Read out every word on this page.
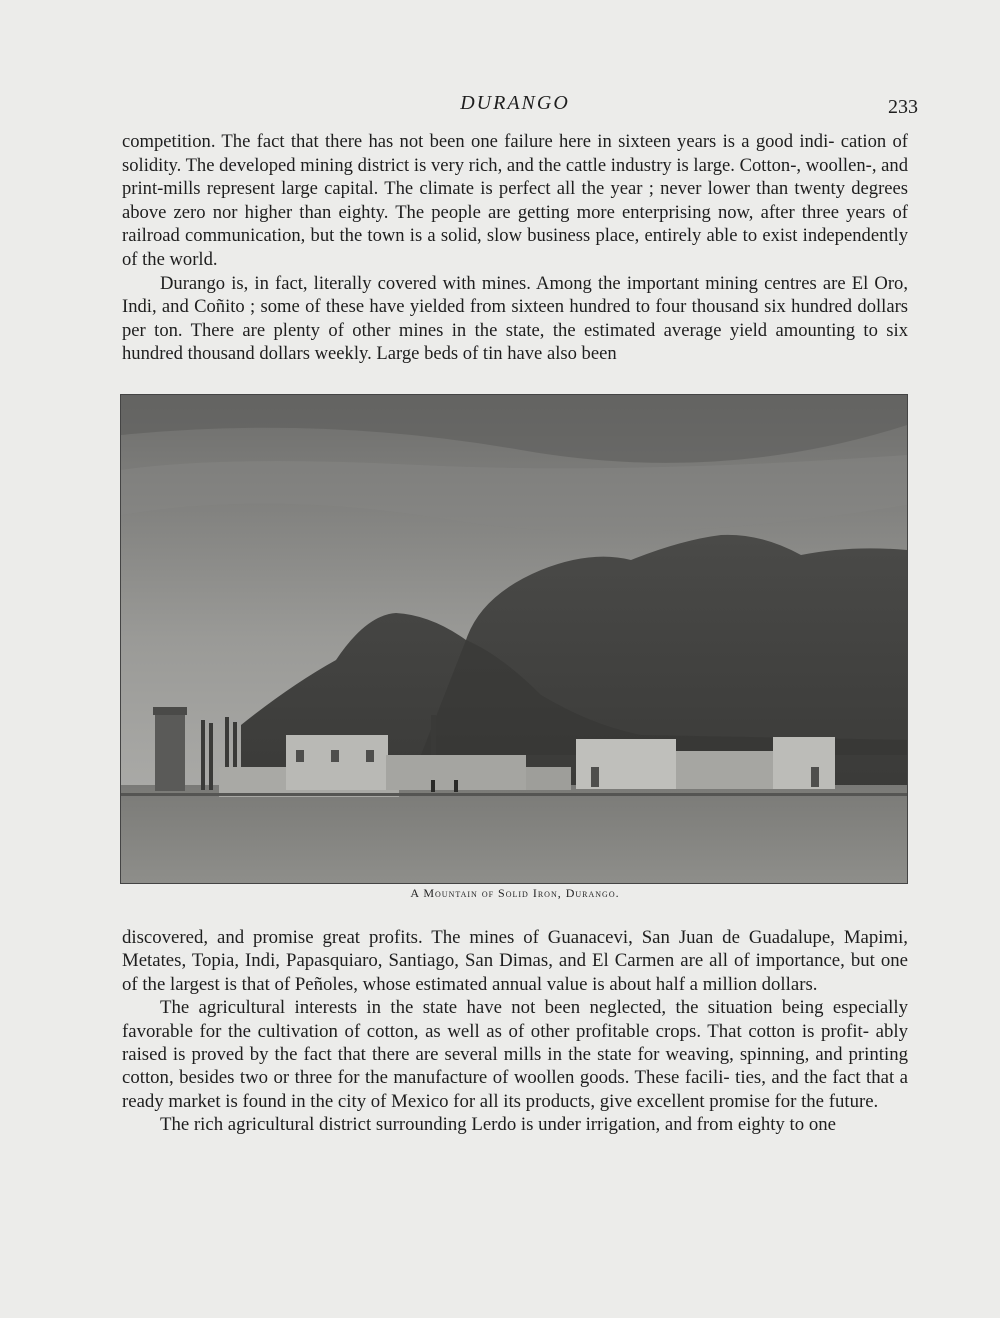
DURANGO	233

competition. The fact that there has not been one failure here in sixteen years is a good indi- cation of solidity. The developed mining district is very rich, and the cattle industry is large. Cotton-, woollen-, and print-mills represent large capital. The climate is perfect all the year ; never lower than twenty degrees above zero nor higher than eighty. The people are getting more enterprising now, after three years of railroad communication, but the town is a solid, slow business place, entirely able to exist independently of the world.

Durango is, in fact, literally covered with mines. Among the important mining centres are El Oro, Indi, and Coñito ; some of these have yielded from sixteen hundred to four thousand six hundred dollars per ton. There are plenty of other mines in the state, the estimated average yield amounting to six hundred thousand dollars weekly. Large beds of tin have also been

A Mountain of Solid Iron, Durango.

discovered, and promise great profits. The mines of Guanacevi, San Juan de Guadalupe, Mapimi, Metates, Topia, Indi, Papasquiaro, Santiago, San Dimas, and El Carmen are all of importance, but one of the largest is that of Peñoles, whose estimated annual value is about half a million dollars.

The agricultural interests in the state have not been neglected, the situation being especially favorable for the cultivation of cotton, as well as of other profitable crops. That cotton is profit- ably raised is proved by the fact that there are several mills in the state for weaving, spinning, and printing cotton, besides two or three for the manufacture of woollen goods. These facili- ties, and the fact that a ready market is found in the city of Mexico for all its products, give excellent promise for the future.

The rich agricultural district surrounding Lerdo is under irrigation, and from eighty to one
